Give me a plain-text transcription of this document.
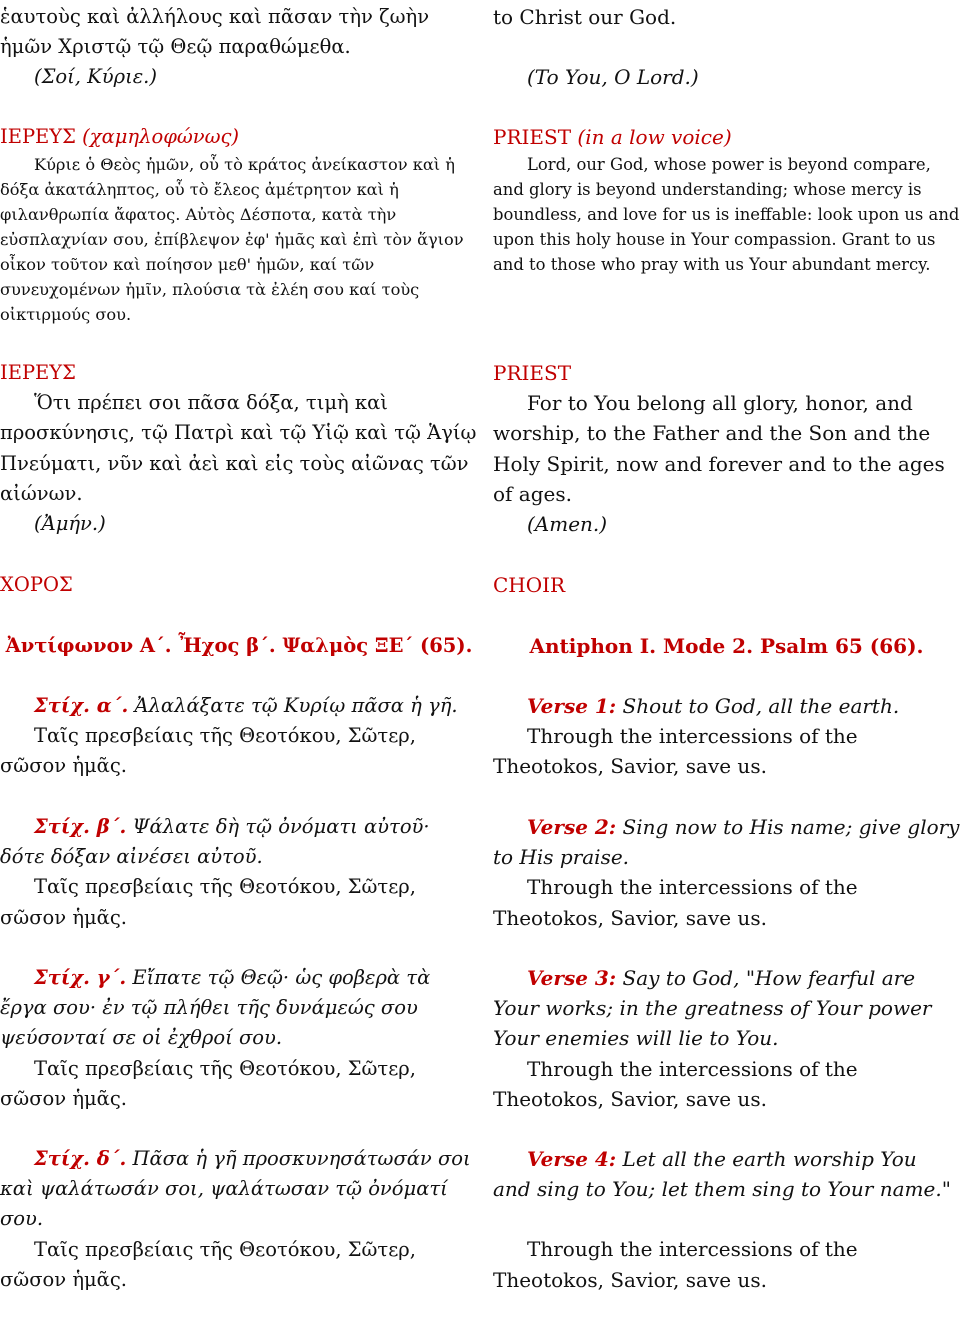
ἑαυτοὺς καὶ ἀλλήλους καὶ πᾶσαν τὴν ζωὴν

ἡμῶν Χριστῷ τῷ Θεῷ παραθώμεθα.

(Σοί, Κύριε.)

ΙΕΡΕΥΣ (χαμηλοφώνως)

Κύριε ὁ Θεὸς ἡμῶν, οὗ τὸ κράτος ἀνείκαστον καὶ ἡ δόξα ἀκατάληπτος, οὗ τὸ ἔλεος ἀμέτρητον καὶ ἡ φιλανθρωπία ἄφατος. Αὐτὸς Δέσποτα, κατὰ τὴν εὐσπλαχνίαν σου, ἐπίβλεψον ἐφ' ἡμᾶς καὶ ἐπὶ τὸν ἅγιον οἶκον τοῦτον καὶ ποίησον μεθ' ἡμῶν, καί τῶν συνευχομένων ἡμῖν, πλούσια τὰ ἐλέη σου καί τοὺς οἰκτιρμούς σου.

ΙΕΡΕΥΣ

Ὅτι πρέπει σοι πᾶσα δόξα, τιμὴ καὶ προσκύνησις, τῷ Πατρὶ καὶ τῷ Υἱῷ καὶ τῷ Ἁγίῳ Πνεύματι, νῦν καὶ ἀεὶ καὶ εἰς τοὺς αἰῶνας τῶν αἰώνων.

(Ἀμήν.)

ΧΟΡΟΣ

Ἀντίφωνον Α΄. Ἦχος β΄. Ψαλμὸς ΞΕ΄ (65).

Στίχ. α΄. Ἀλαλάξατε τῷ Κυρίῳ πᾶσα ἡ γῆ.

Ταῖς πρεσβείαις τῆς Θεοτόκου, Σῶτερ, σῶσον ἡμᾶς.

Στίχ. β΄. Ψάλατε δὴ τῷ ὀνόματι αὐτοῦ· δότε δόξαν αἰνέσει αὐτοῦ.

Ταῖς πρεσβείαις τῆς Θεοτόκου, Σῶτερ, σῶσον ἡμᾶς.

Στίχ. γ΄. Εἴπατε τῷ Θεῷ· ὡς φοβερὰ τὰ ἔργα σου· ἐν τῷ πλήθει τῆς δυνάμεώς σου ψεύσονταί σε οἱ ἐχθροί σου.

Ταῖς πρεσβείαις τῆς Θεοτόκου, Σῶτερ, σῶσον ἡμᾶς.

Στίχ. δ΄. Πᾶσα ἡ γῆ προσκυνησάτωσάν σοι καὶ ψαλάτωσάν σοι, ψαλάτωσαν τῷ ὀνόματί σου.

Ταῖς πρεσβείαις τῆς Θεοτόκου, Σῶτερ, σῶσον ἡμᾶς.

to Christ our God.

(To You, O Lord.)

PRIEST (in a low voice)

Lord, our God, whose power is beyond compare, and glory is beyond understanding; whose mercy is boundless, and love for us is ineffable: look upon us and upon this holy house in Your compassion. Grant to us and to those who pray with us Your abundant mercy.

PRIEST

For to You belong all glory, honor, and worship, to the Father and the Son and the Holy Spirit, now and forever and to the ages of ages.

(Amen.)

CHOIR

Antiphon I. Mode 2. Psalm 65 (66).

Verse 1: Shout to God, all the earth.

Through the intercessions of the Theotokos, Savior, save us.

Verse 2: Sing now to His name; give glory to His praise.

Through the intercessions of the Theotokos, Savior, save us.

Verse 3: Say to God, "How fearful are Your works; in the greatness of Your power Your enemies will lie to You.

Through the intercessions of the Theotokos, Savior, save us.

Verse 4: Let all the earth worship You and sing to You; let them sing to Your name."

Through the intercessions of the Theotokos, Savior, save us.
